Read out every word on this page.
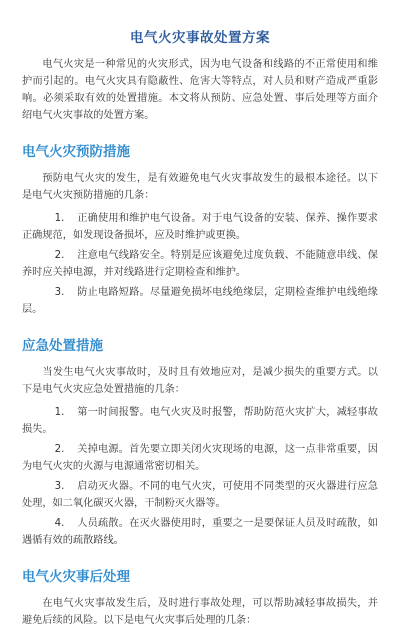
电气火灾事故处置方案

电气火灾是一种常见的火灾形式，因为电气设备和线路的不正常使用和维护而引起的。电气火灾具有隐蔽性、危害大等特点，对人员和财产造成严重影响。必须采取有效的处置措施。本文将从预防、应急处置、事后处理等方面介绍电气火灾事故的处置方案。

电气火灾预防措施

预防电气火灾的发生，是有效避免电气火灾事故发生的最根本途径。以下是电气火灾预防措施的几条：

1. 正确使用和维护电气设备。对于电气设备的安装、保养、操作要求正确规范，如发现设备损坏，应及时维护或更换。
2. 注意电气线路安全。特别是应该避免过度负载、不能随意串线、保养时应关掉电源，并对线路进行定期检查和维护。
3. 防止电路短路。尽量避免损坏电线绝缘层，定期检查维护电线绝缘层。
应急处置措施

当发生电气火灾事故时，及时且有效地应对，是减少损失的重要方式。以下是电气火灾应急处置措施的几条：

1. 第一时间报警。电气火灾及时报警，帮助防范火灾扩大，减轻事故损失。
2. 关掉电源。首先要立即关闭火灾现场的电源，这一点非常重要，因为电气火灾的火源与电源通常密切相关。
3. 启动灭火器。不同的电气火灾，可使用不同类型的灭火器进行应急处理，如二氧化碳灭火器，干制粉灭火器等。
4. 人员疏散。在灭火器使用时，重要之一是要保证人员及时疏散，如遇循有效的疏散路线。
电气火灾事后处理

在电气火灾事故发生后，及时进行事故处理，可以帮助减轻事故损失，并避免后续的风险。以下是电气火灾事后处理的几条：
